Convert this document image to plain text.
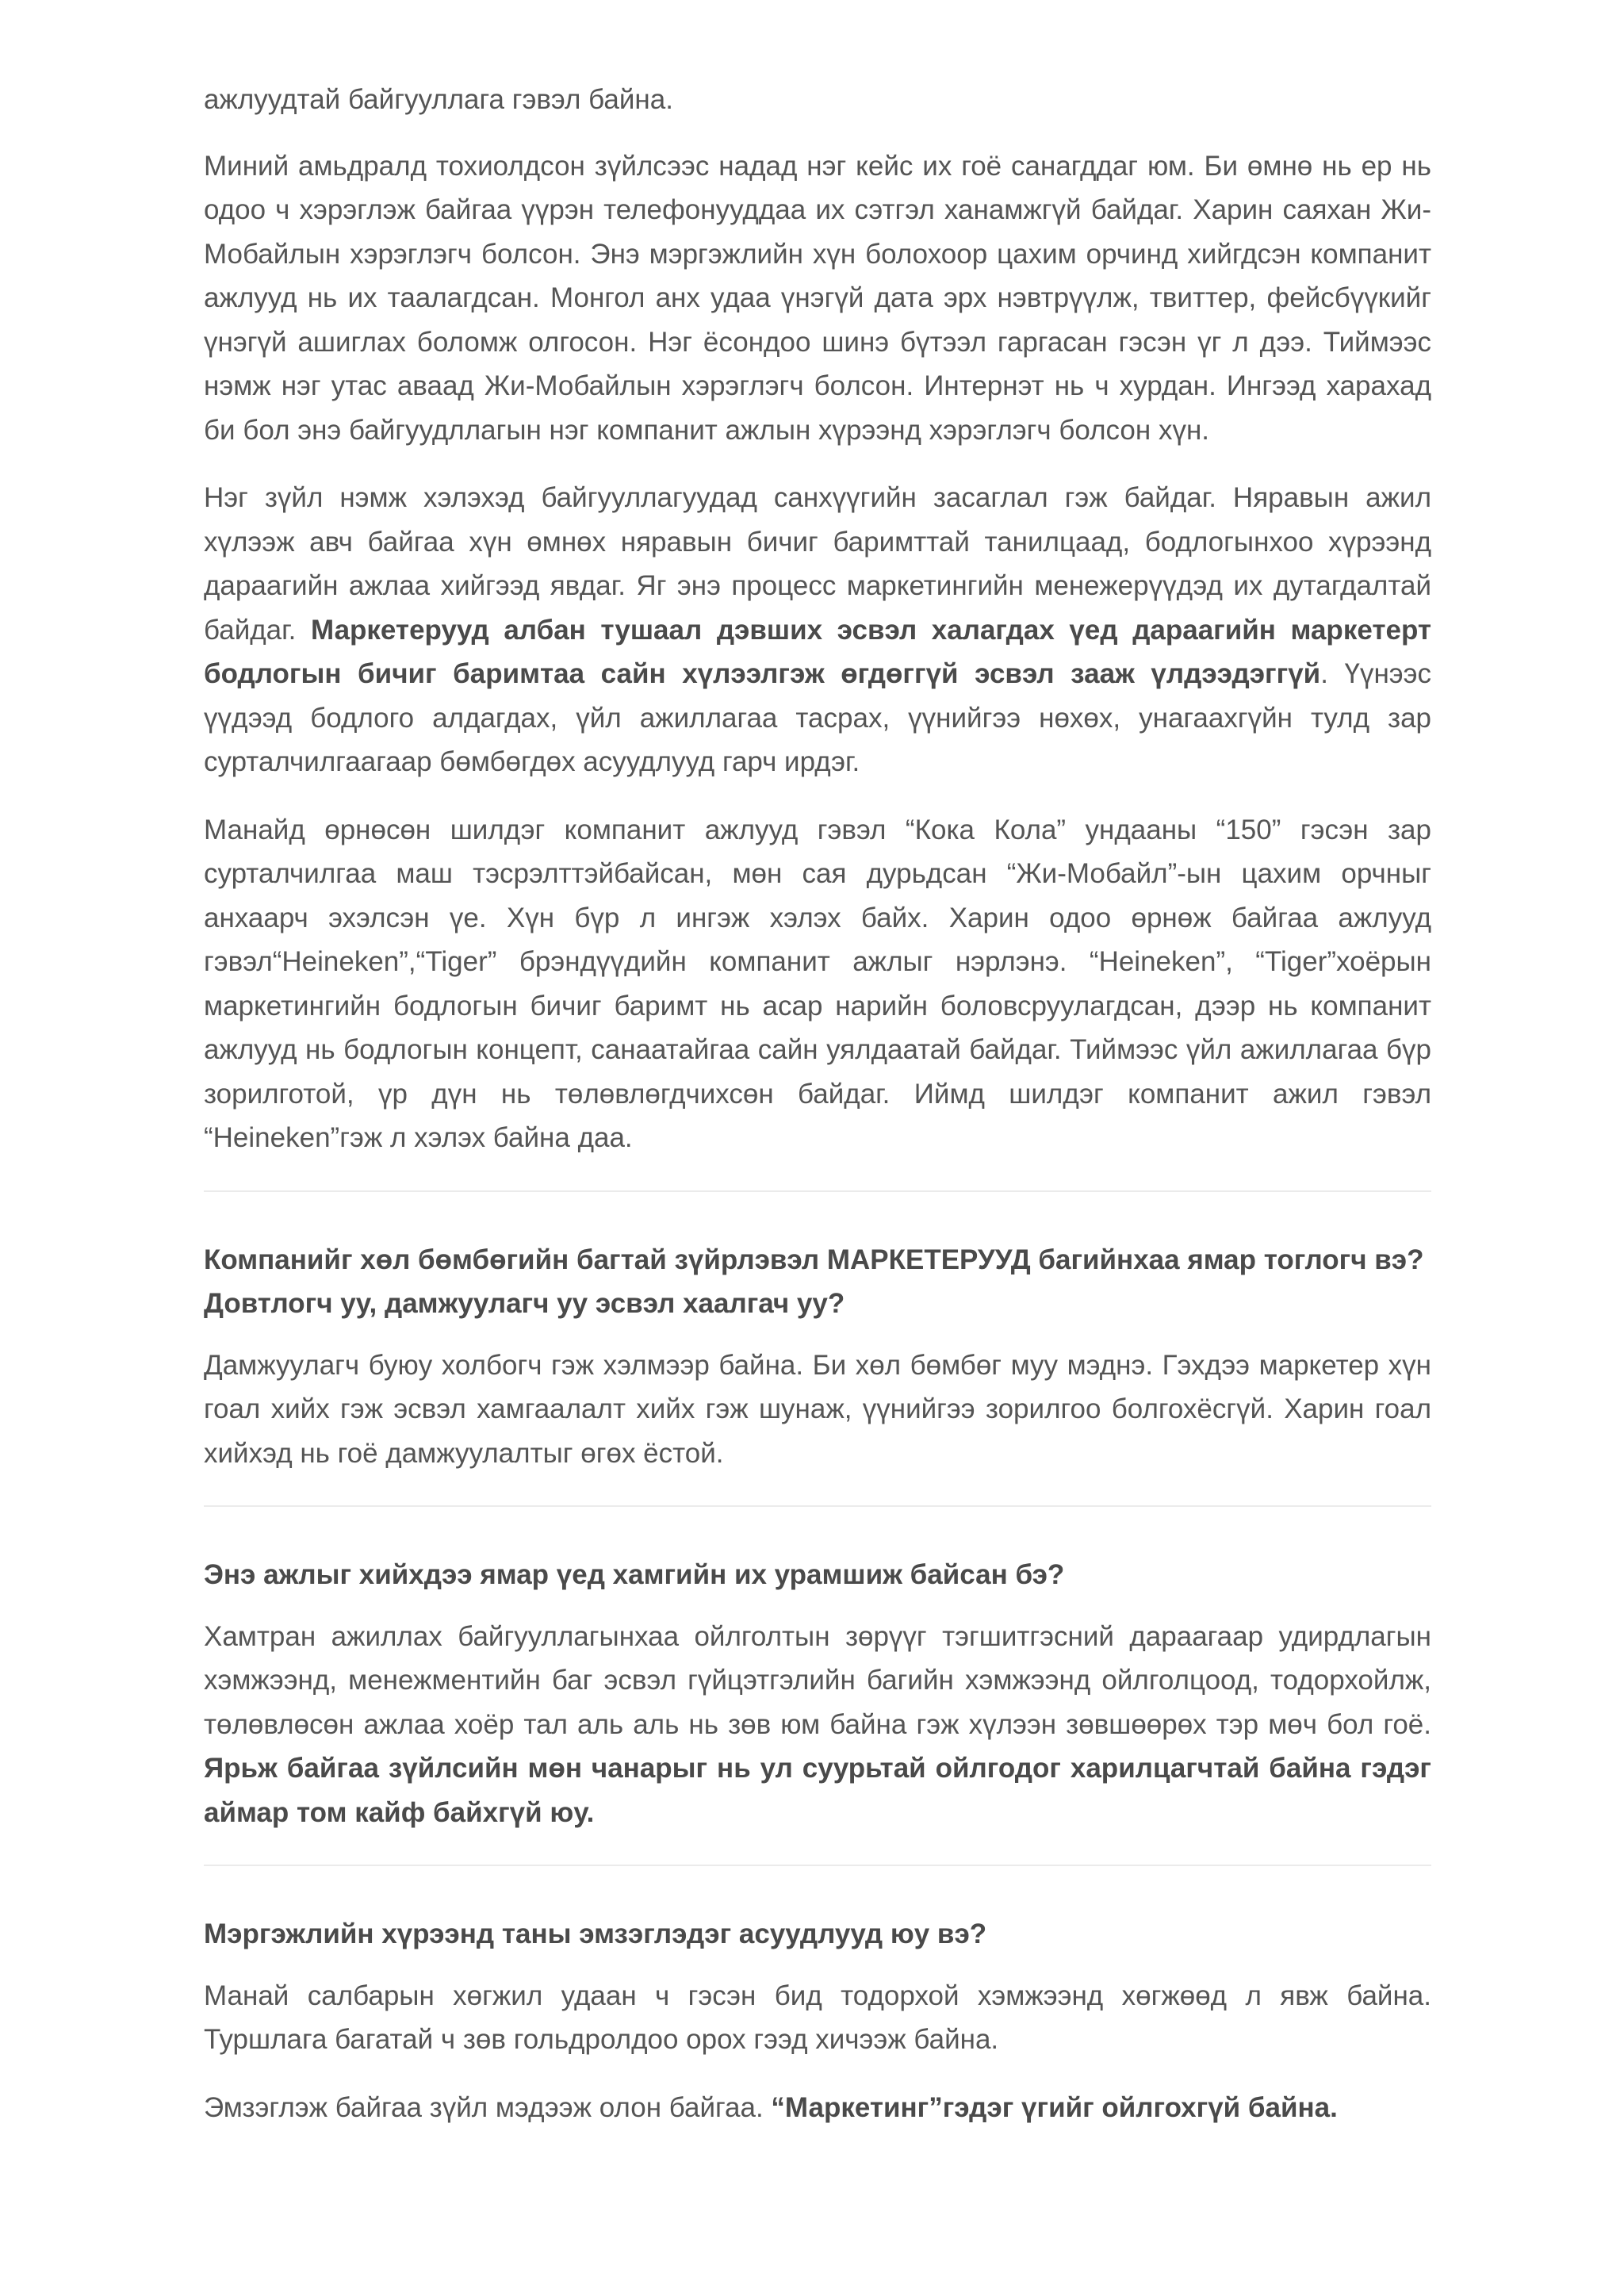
ажлуудтай байгууллага гэвэл байна.

Миний амьдралд тохиолдсон зүйлсээс надад нэг кейс их гоё санагддаг юм. Би өмнө нь ер нь одоо ч хэрэглэж байгаа үүрэн телефонууддаа их сэтгэл ханамжгүй байдаг. Харин саяхан Жи-Мобайлын хэрэглэгч болсон. Энэ мэргэжлийн хүн болохоор цахим орчинд хийгдсэн компанит ажлууд нь их таалагдсан. Монгол анх удаа үнэгүй дата эрх нэвтрүүлж, твиттер, фейсбүүкийг үнэгүй ашиглах боломж олгосон. Нэг ёсондоо шинэ бүтээл гаргасан гэсэн үг л дээ. Тиймээс нэмж нэг утас аваад Жи-Мобайлын хэрэглэгч болсон. Интернэт нь ч хурдан. Ингээд харахад би бол энэ байгуудллагын нэг компанит ажлын хүрээнд хэрэглэгч болсон хүн.

Нэг зүйл нэмж хэлэхэд байгууллагуудад санхүүгийн засаглал гэж байдаг. Няравын ажил хүлээж авч байгаа хүн өмнөх няравын бичиг баримттай танилцаад, бодлогынхоо хүрээнд дараагийн ажлаа хийгээд явдаг. Яг энэ процесс маркетингийн менежерүүдэд их дутагдалтай байдаг. Маркетерууд албан тушаал дэвших эсвэл халагдах үед дараагийн маркетерт бодлогын бичиг баримтаа сайн хүлээлгэж өгдөггүй эсвэл зааж үлдээдэггүй. Үүнээс үүдээд бодлого алдагдах, үйл ажиллагаа тасрах, үүнийгээ нөхөх, унагаахгүйн тулд зар сурталчилгаагаар бөмбөгдөх асуудлууд гарч ирдэг.

Манайд өрнөсөн шилдэг компанит ажлууд гэвэл “Кока Кола” ундааны “150” гэсэн зар сурталчилгаа маш тэсрэлттэйбайсан, мөн сая дурьдсан “Жи-Мобайл”-ын цахим орчныг анхаарч эхэлсэн үе. Хүн бүр л ингэж хэлэх байх. Харин одоо өрнөж байгаа ажлууд гэвэл“Heineken”,“Tiger” брэндүүдийн компанит ажлыг нэрлэнэ. “Heineken”, “Tiger”хоёрын маркетингийн бодлогын бичиг баримт нь асар нарийн боловсруулагдсан, дээр нь компанит ажлууд нь бодлогын концепт, санаатайгаа сайн уялдаатай байдаг. Тиймээс үйл ажиллагаа бүр зорилготой, үр дүн нь төлөвлөгдчихсөн байдаг. Иймд шилдэг компанит ажил гэвэл “Heineken”гэж л хэлэх байна даа.

Компанийг хөл бөмбөгийн багтай зүйрлэвэл МАРКЕТЕРУУД багийнхаа ямар тоглогч вэ?Довтлогч уу, дамжуулагч уу эсвэл хаалгач уу?

Дамжуулагч буюу холбогч гэж хэлмээр байна. Би хөл бөмбөг муу мэднэ. Гэхдээ маркетер хүн гоал хийх гэж эсвэл хамгаалалт хийх гэж шунаж, үүнийгээ зорилгоо болгохёсгүй. Харин гоал хийхэд нь гоё дамжуулалтыг өгөх ёстой.

Энэ ажлыг хийхдээ ямар үед хамгийн их урамшиж байсан бэ?

Хамтран ажиллах байгууллагынхаа ойлголтын зөрүүг тэгшитгэсний дараагаар удирдлагын хэмжээнд, менежментийн баг эсвэл гүйцэтгэлийн багийн хэмжээнд ойлголцоод, тодорхойлж, төлөвлөсөн ажлаа хоёр тал аль аль нь зөв юм байна гэж хүлээн зөвшөөрөх тэр мөч бол гоё. Ярьж байгаа зүйлсийн мөн чанарыг нь ул суурьтай ойлгодог харилцагчтай байна гэдэг аймар том кайф байхгүй юу.

Мэргэжлийн хүрээнд таны эмзэглэдэг асуудлууд юу вэ?

Манай салбарын хөгжил удаан ч гэсэн бид тодорхой хэмжээнд хөгжөөд л явж байна. Туршлага багатай ч зөв гольдролдоо орох гээд хичээж байна.

Эмзэглэж байгаа зүйл мэдээж олон байгаа. “Маркетинг”гэдэг үгийг ойлгохгүй байна.
